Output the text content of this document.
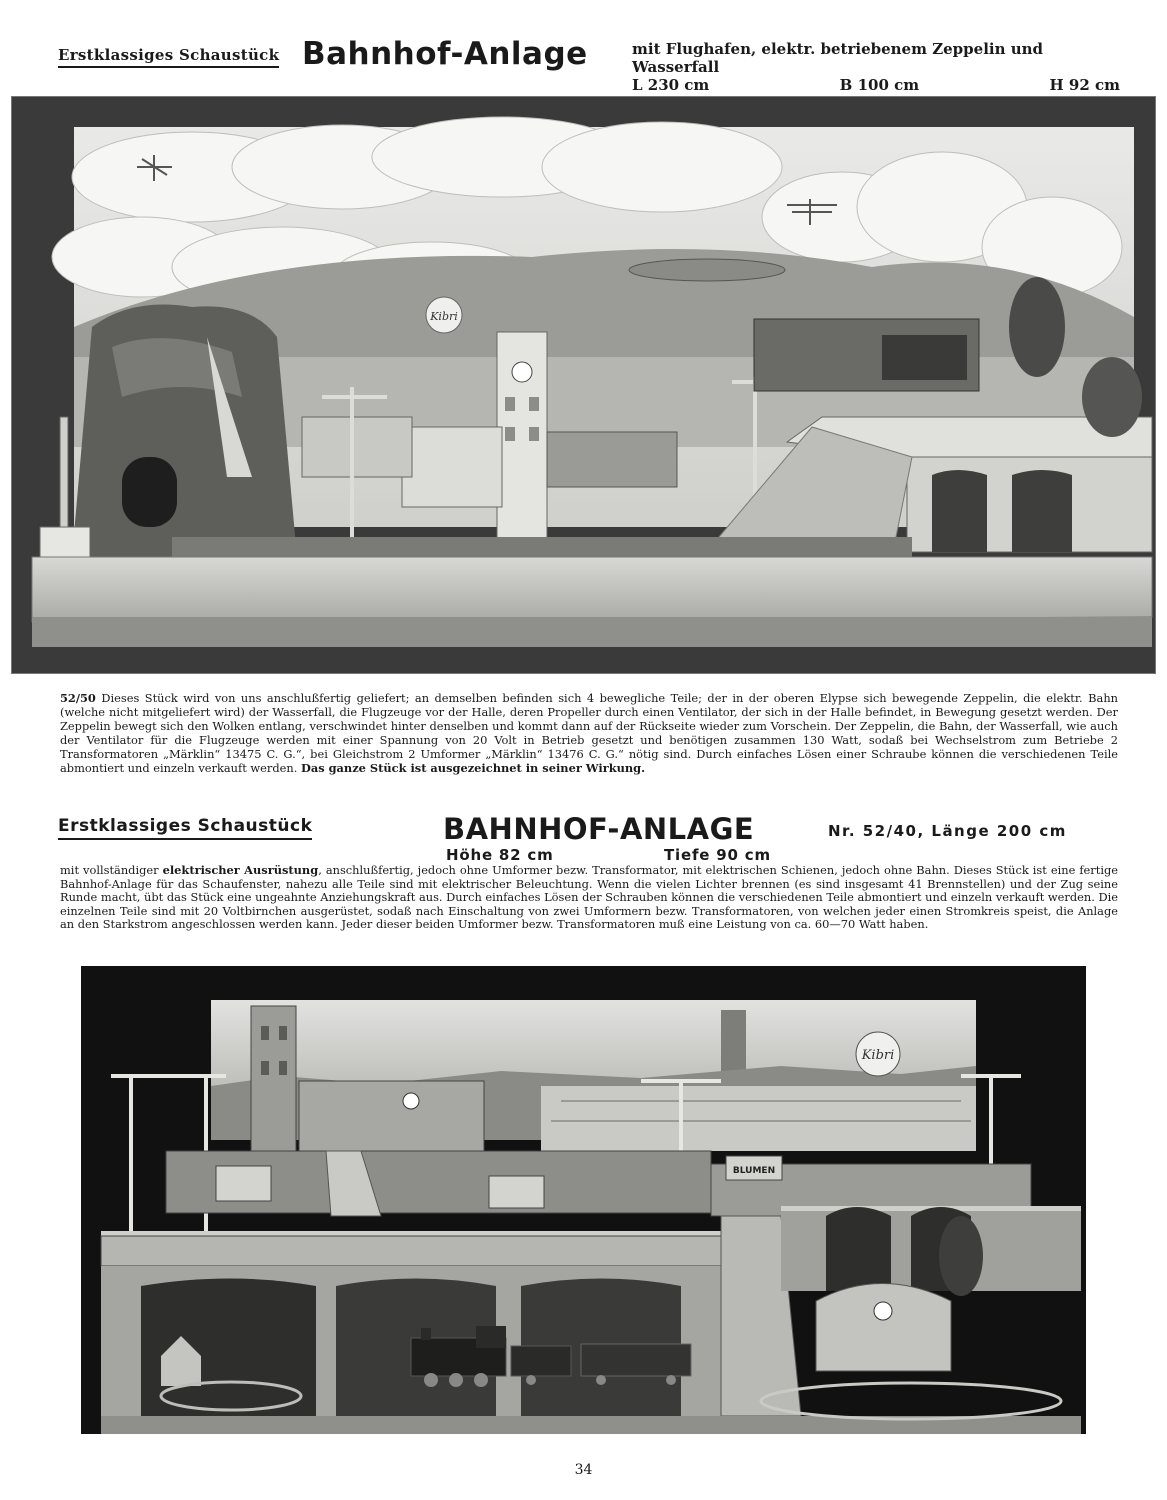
Erstklassiges Schaustück Bahnhof-Anlage	mit Flughafen, elektr. betriebenem Zeppelin und Wasserfall
L 230 cm	B 100 cm	H 92 cm
Kibri
52/50 Dieses Stück wird von uns anschlußfertig geliefert; an demselben befinden sich 4 bewegliche Teile; der in der oberen Elypse sich bewegende Zeppelin, die elektr. Bahn (welche nicht mitgeliefert wird) der Wasserfall, die Flugzeuge vor der Halle, deren Propeller durch einen Ventilator, der sich in der Halle befindet, in Bewegung gesetzt werden. Der Zeppelin bewegt sich den Wolken entlang, verschwindet hinter denselben und kommt dann auf der Rückseite wieder zum Vorschein. Der Zeppelin, die Bahn, der Wasserfall, wie auch der Ventilator für die Flugzeuge werden mit einer Spannung von 20 Volt in Betrieb gesetzt und benötigen zusammen 130 Watt, sodaß bei Wechselstrom zum Betriebe 2 Transformatoren „Märklin“ 13475 C. G.“, bei Gleichstrom 2 Umformer „Märklin“ 13476 C. G.“ nötig sind. Durch einfaches Lösen einer Schraube können die verschiedenen Teile abmontiert und einzeln verkauft werden. Das ganze Stück ist ausgezeichnet in seiner Wirkung.
Erstklassiges Schaustück	BAHNHOF-ANLAGE	Nr. 52/40, Länge 200 cm
Höhe 82 cm	Tiefe 90 cm
mit vollständiger elektrischer Ausrüstung, anschlußfertig, jedoch ohne Umformer bezw. Transformator, mit elektrischen Schienen, jedoch ohne Bahn. Dieses Stück ist eine fertige Bahnhof-Anlage für das Schaufenster, nahezu alle Teile sind mit elektrischer Beleuchtung. Wenn die vielen Lichter brennen (es sind insgesamt 41 Brennstellen) und der Zug seine Runde macht, übt das Stück eine ungeahnte Anziehungskraft aus. Durch einfaches Lösen der Schrauben können die verschiedenen Teile abmontiert und einzeln verkauft werden. Die einzelnen Teile sind mit 20 Voltbirnchen ausgerüstet, sodaß nach Einschaltung von zwei Umformern bezw. Transformatoren, von welchen jeder einen Stromkreis speist, die Anlage an den Starkstrom angeschlossen werden kann. Jeder dieser beiden Umformer bezw. Transformatoren muß eine Leistung von ca. 60—70 Watt haben.
Kibri
BLUMEN
34
